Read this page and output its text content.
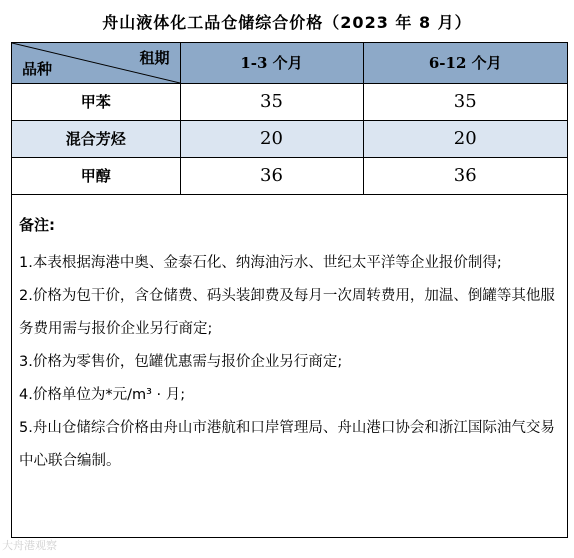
舟山液体化工品仓储综合价格（2023 年 8 月）
租期
品种	1-3 个月	6-12 个月
甲苯	35	35
混合芳烃	20	20
甲醇	36	36
备注:

1.本表根据海港中奥、金泰石化、纳海油污水、世纪太平洋等企业报价制得;

2.价格为包干价，含仓储费、码头装卸费及每月一次周转费用，加温、倒罐等其他服务费用需与报价企业另行商定;

3.价格为零售价，包罐优惠需与报价企业另行商定;

4.价格单位为*元/m³ · 月;

5.舟山仓储综合价格由舟山市港航和口岸管理局、舟山港口协会和浙江国际油气交易中心联合编制。

大舟港观察
